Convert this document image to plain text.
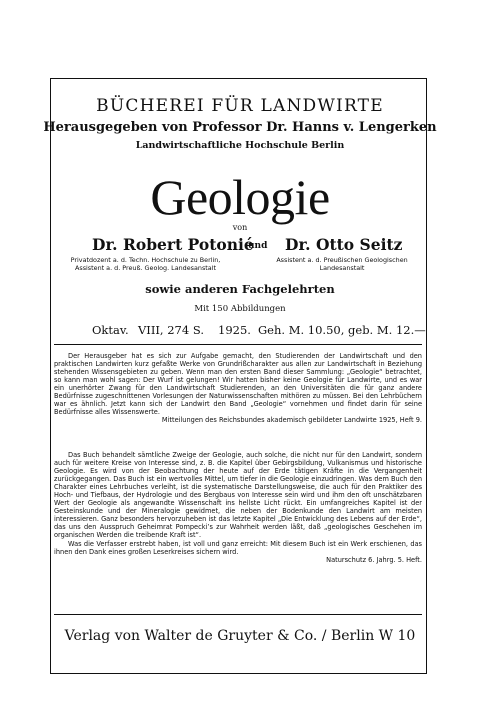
BÜCHEREI FÜR LANDWIRTE
Herausgegeben von Professor Dr. Hanns v. Lengerken
Landwirtschaftliche Hochschule Berlin
Geologie
von
Dr. Robert Potonié
und Dr. Otto Seitz
Privatdozent a. d. Techn. Hochschule zu Berlin,
Assistent a. d. Preuß. Geolog. Landesanstalt
Assistent a. d. Preußischen Geologischen
Landesanstalt
sowie anderen Fachgelehrten
Mit 150 Abbildungen
Oktav. VIII, 274 S. 1925. Geh. M. 10.50, geb. M. 12.—
Der Herausgeber hat es sich zur Aufgabe gemacht, den Studierenden der Landwirtschaft und den praktischen Landwirten kurz gefaßte Werke von Grundrißcharakter aus allen zur Landwirtschaft in Beziehung stehenden Wissensgebieten zu geben. Wenn man den ersten Band dieser Sammlung: „Geologie“ betrachtet, so kann man wohl sagen: Der Wurf ist gelungen! Wir hatten bisher keine Geologie für Landwirte, und es war ein unerhörter Zwang für den Landwirtschaft Studierenden, an den Universitäten die für ganz andere Bedürfnisse zugeschnittenen Vorlesungen der Naturwissenschaften mithören zu müssen. Bei den Lehrbüchern war es ähnlich. Jetzt kann sich der Landwirt den Band „Geologie“ vornehmen und findet darin für seine Bedürfnisse alles Wissenswerte.
Mitteilungen des Reichsbundes akademisch gebildeter Landwirte 1925, Heft 9.
Das Buch behandelt sämtliche Zweige der Geologie, auch solche, die nicht nur für den Landwirt, sondern auch für weitere Kreise von Interesse sind, z. B. die Kapitel über Gebirgsbildung, Vulkanismus und historische Geologie. Es wird von der Beobachtung der heute auf der Erde tätigen Kräfte in die Vergangenheit zurückgegangen. Das Buch ist ein wertvolles Mittel, um tiefer in die Geologie einzudringen. Was dem Buch den Charakter eines Lehrbuches verleiht, ist die systematische Darstellungsweise, die auch für den Praktiker des Hoch- und Tiefbaus, der Hydrologie und des Bergbaus von Interesse sein wird und ihm den oft unschätzbaren Wert der Geologie als angewandte Wissenschaft ins hellste Licht rückt. Ein umfangreiches Kapitel ist der Gesteinskunde und der Mineralogie gewidmet, die neben der Bodenkunde den Landwirt am meisten interessieren. Ganz besonders hervorzuheben ist das letzte Kapitel „Die Entwicklung des Lebens auf der Erde“, das uns den Ausspruch Geheimrat Pompecki’s zur Wahrheit werden läßt, daß „geologisches Geschehen im organischen Werden die treibende Kraft ist“.
Was die Verfasser erstrebt haben, ist voll und ganz erreicht: Mit diesem Buch ist ein Werk erschienen, das ihnen den Dank eines großen Leserkreises sichern wird.
Naturschutz 6. Jahrg. 5. Heft.
Verlag von Walter de Gruyter & Co. / Berlin W 10
